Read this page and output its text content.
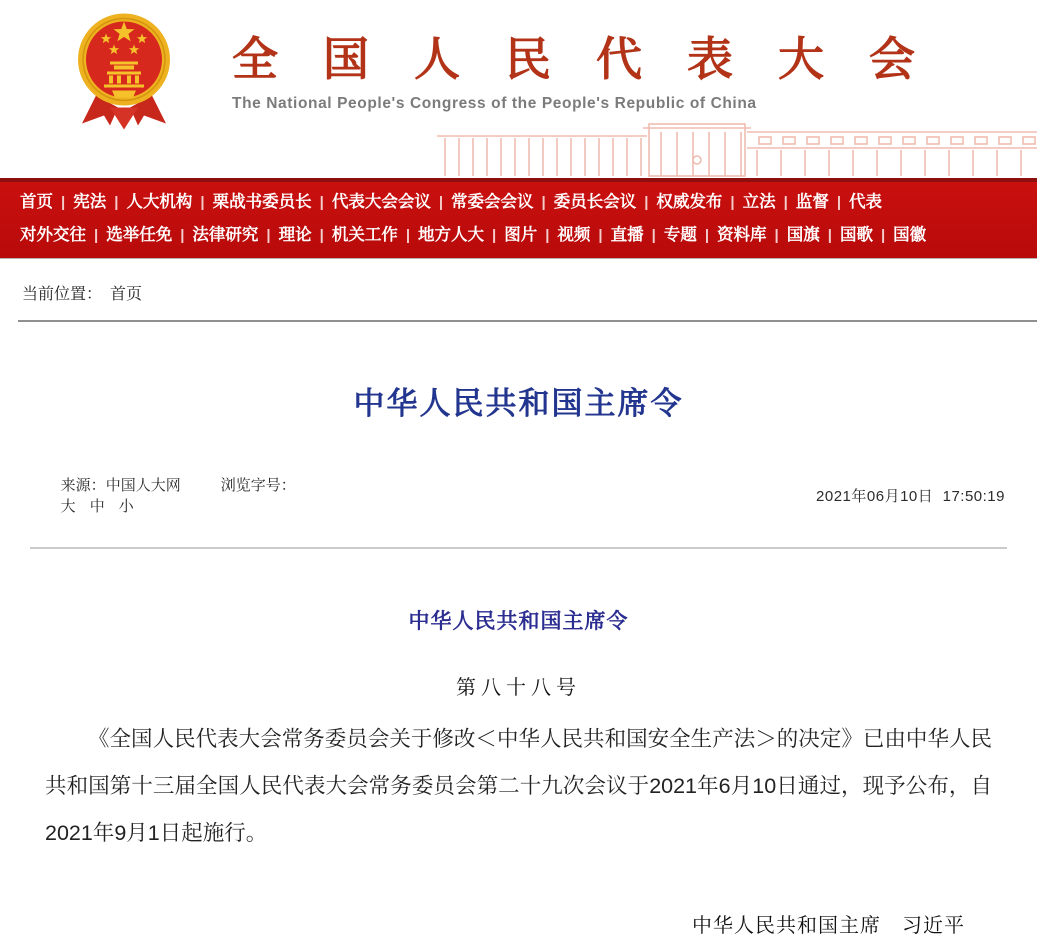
全国人民代表大会
The National People's Congress of the People's Republic of China
首页 | 宪法 | 人大机构 | 栗战书委员长 | 代表大会会议 | 常委会会议 | 委员长会议 | 权威发布 | 立法 | 监督 | 代表
对外交往 | 选举任免 | 法律研究 | 理论 | 机关工作 | 地方人大 | 图片 | 视频 | 直播 | 专题 | 资料库 | 国旗 | 国歌 | 国徽
当前位置： 首页
中华人民共和国主席令

来源：中国人大网	浏览字号：
大 中 小

2021年06月10日  17:50:19
中华人民共和国主席令
第八十八号

《全国人民代表大会常务委员会关于修改＜中华人民共和国安全生产法＞的决定》已由中华人民共和国第十三届全国人民代表大会常务委员会第二十九次会议于2021年6月10日通过，现予公布，自2021年9月1日起施行。

中华人民共和国主席　习近平
